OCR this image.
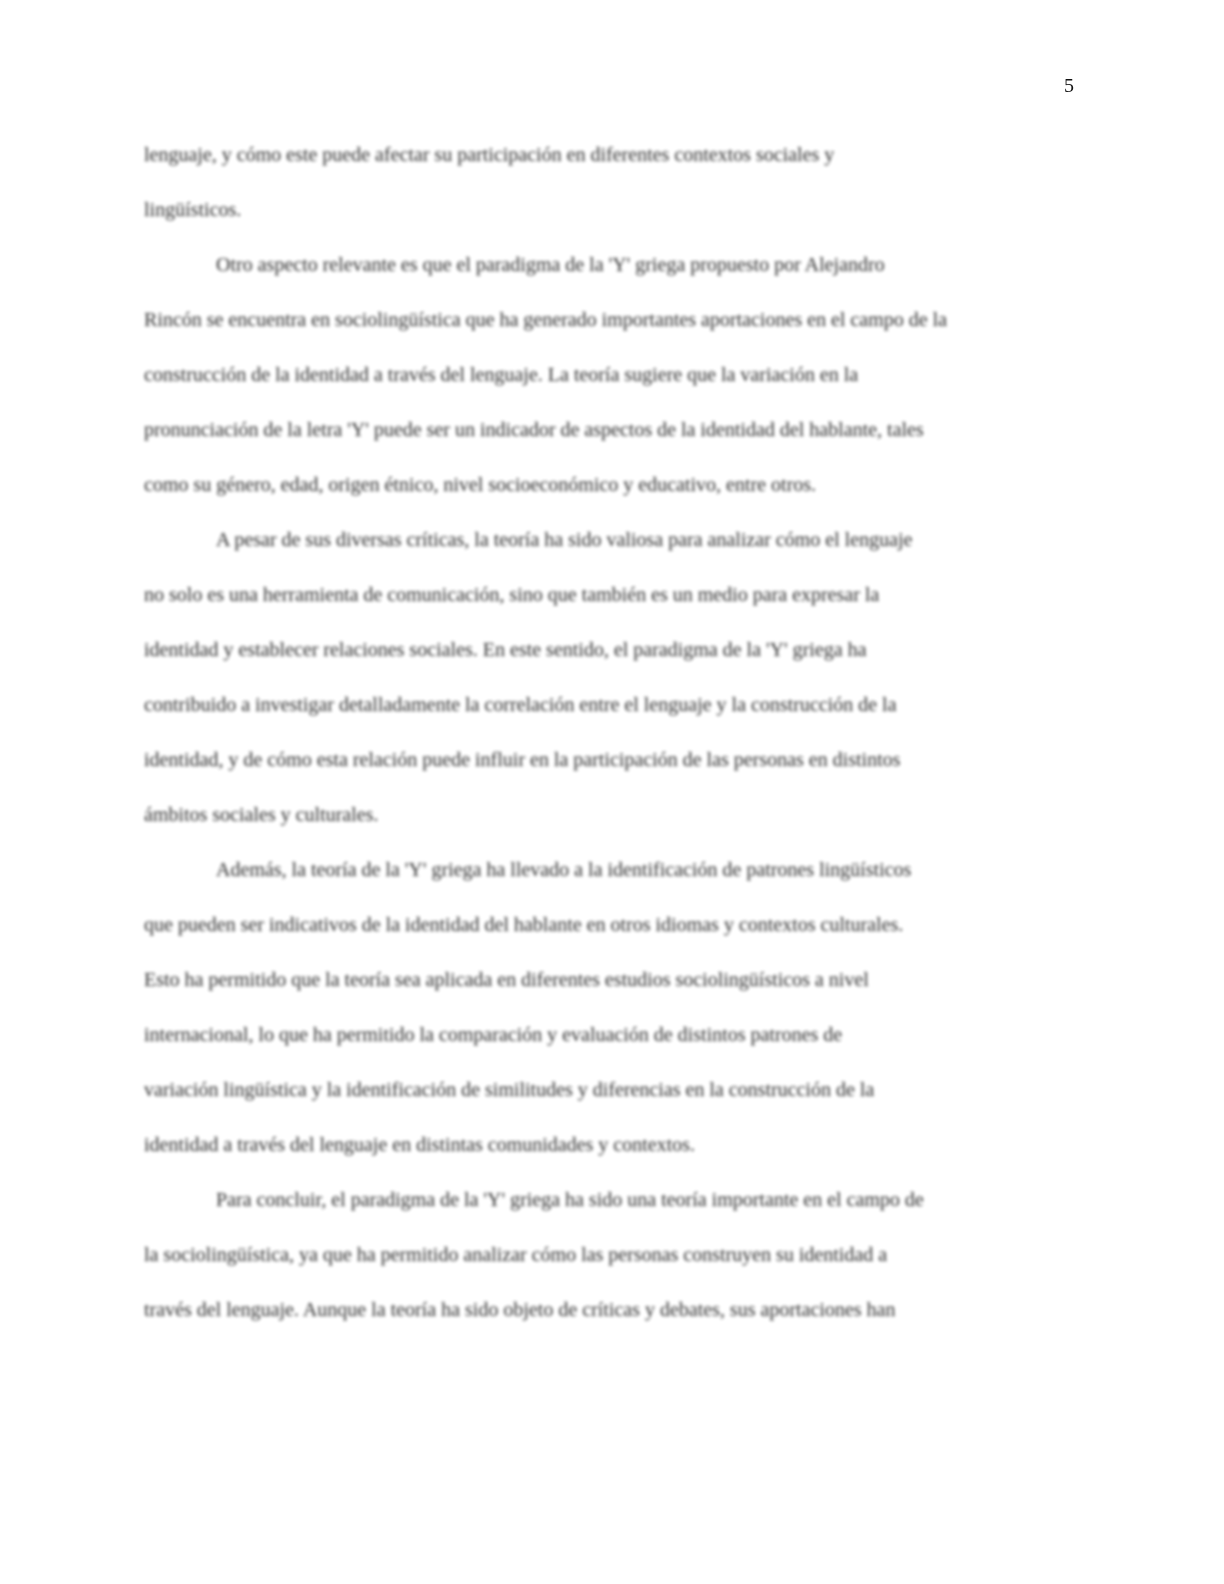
5

lenguaje, y cómo este puede afectar su participación en diferentes contextos sociales y
lingüísticos.

Otro aspecto relevante es que el paradigma de la 'Y' griega propuesto por Alejandro
Rincón se encuentra en sociolingüística que ha generado importantes aportaciones en el campo de la
construcción de la identidad a través del lenguaje. La teoría sugiere que la variación en la
pronunciación de la letra 'Y' puede ser un indicador de aspectos de la identidad del hablante, tales
como su género, edad, origen étnico, nivel socioeconómico y educativo, entre otros.

A pesar de sus diversas críticas, la teoría ha sido valiosa para analizar cómo el lenguaje
no solo es una herramienta de comunicación, sino que también es un medio para expresar la
identidad y establecer relaciones sociales. En este sentido, el paradigma de la 'Y' griega ha
contribuido a investigar detalladamente la correlación entre el lenguaje y la construcción de la
identidad, y de cómo esta relación puede influir en la participación de las personas en distintos
ámbitos sociales y culturales.

Además, la teoría de la 'Y' griega ha llevado a la identificación de patrones lingüísticos
que pueden ser indicativos de la identidad del hablante en otros idiomas y contextos culturales.
Esto ha permitido que la teoría sea aplicada en diferentes estudios sociolingüísticos a nivel
internacional, lo que ha permitido la comparación y evaluación de distintos patrones de
variación lingüística y la identificación de similitudes y diferencias en la construcción de la
identidad a través del lenguaje en distintas comunidades y contextos.

Para concluir, el paradigma de la 'Y' griega ha sido una teoría importante en el campo de
la sociolingüística, ya que ha permitido analizar cómo las personas construyen su identidad a
través del lenguaje. Aunque la teoría ha sido objeto de críticas y debates, sus aportaciones han
